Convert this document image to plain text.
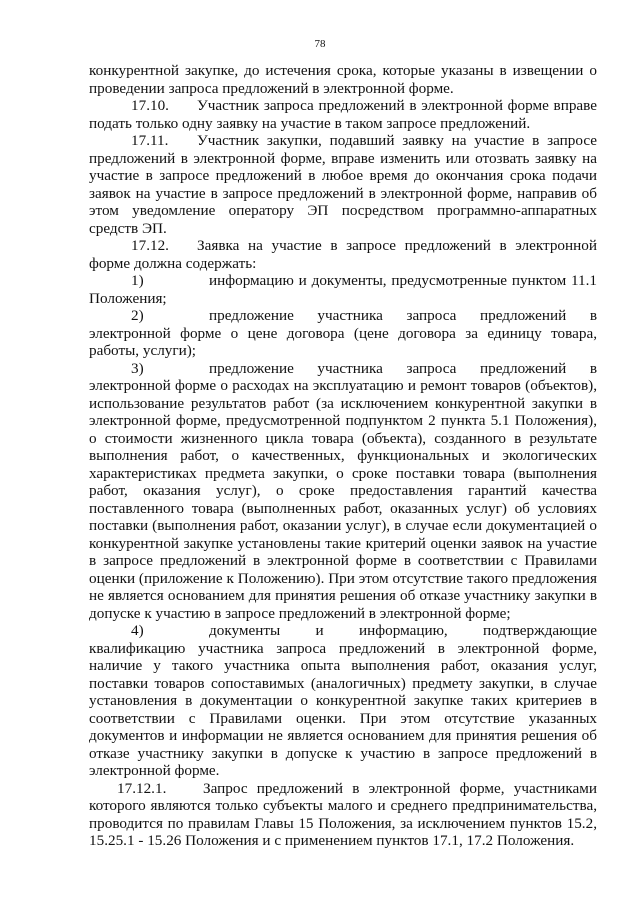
78

конкурентной закупке, до истечения срока, которые указаны в извещении о проведении запроса предложений в электронной форме.

17.10. Участник запроса предложений в электронной форме вправе подать только одну заявку на участие в таком запросе предложений.

17.11. Участник закупки, подавший заявку на участие в запросе предложений в электронной форме, вправе изменить или отозвать заявку на участие в запросе предложений в любое время до окончания срока подачи заявок на участие в запросе предложений в электронной форме, направив об этом уведомление оператору ЭП посредством программно-аппаратных средств ЭП.

17.12. Заявка на участие в запросе предложений в электронной форме должна содержать:

1)	информацию и документы, предусмотренные пунктом 11.1 Положения;

2)	предложение участника запроса предложений в электронной форме о цене договора (цене договора за единицу товара, работы, услуги);

3)	предложение участника запроса предложений в электронной форме о расходах на эксплуатацию и ремонт товаров (объектов), использование результатов работ (за исключением конкурентной закупки в электронной форме, предусмотренной подпунктом 2 пункта 5.1 Положения), о стоимости жизненного цикла товара (объекта), созданного в результате выполнения работ, о качественных, функциональных и экологических характеристиках предмета закупки, о сроке поставки товара (выполнения работ, оказания услуг), о сроке предоставления гарантий качества поставленного товара (выполненных работ, оказанных услуг) об условиях поставки (выполнения работ, оказании услуг), в случае если документацией о конкурентной закупке установлены такие критерий оценки заявок на участие в запросе предложений в электронной форме в соответствии с Правилами оценки (приложение к Положению). При этом отсутствие такого предложения не является основанием для принятия решения об отказе участнику закупки в допуске к участию в запросе предложений в электронной форме;

4)	документы и информацию, подтверждающие квалификацию участника запроса предложений в электронной форме, наличие у такого участника опыта выполнения работ, оказания услуг, поставки товаров сопоставимых (аналогичных) предмету закупки, в случае установления в документации о конкурентной закупке таких критериев в соответствии с Правилами оценки. При этом отсутствие указанных документов и информации не является основанием для принятия решения об отказе участнику закупки в допуске к участию в запросе предложений в электронной форме.

17.12.1. Запрос предложений в электронной форме, участниками которого являются только субъекты малого и среднего предпринимательства, проводится по правилам Главы 15 Положения, за исключением пунктов 15.2, 15.25.1 - 15.26 Положения и с применением пунктов 17.1, 17.2 Положения.
